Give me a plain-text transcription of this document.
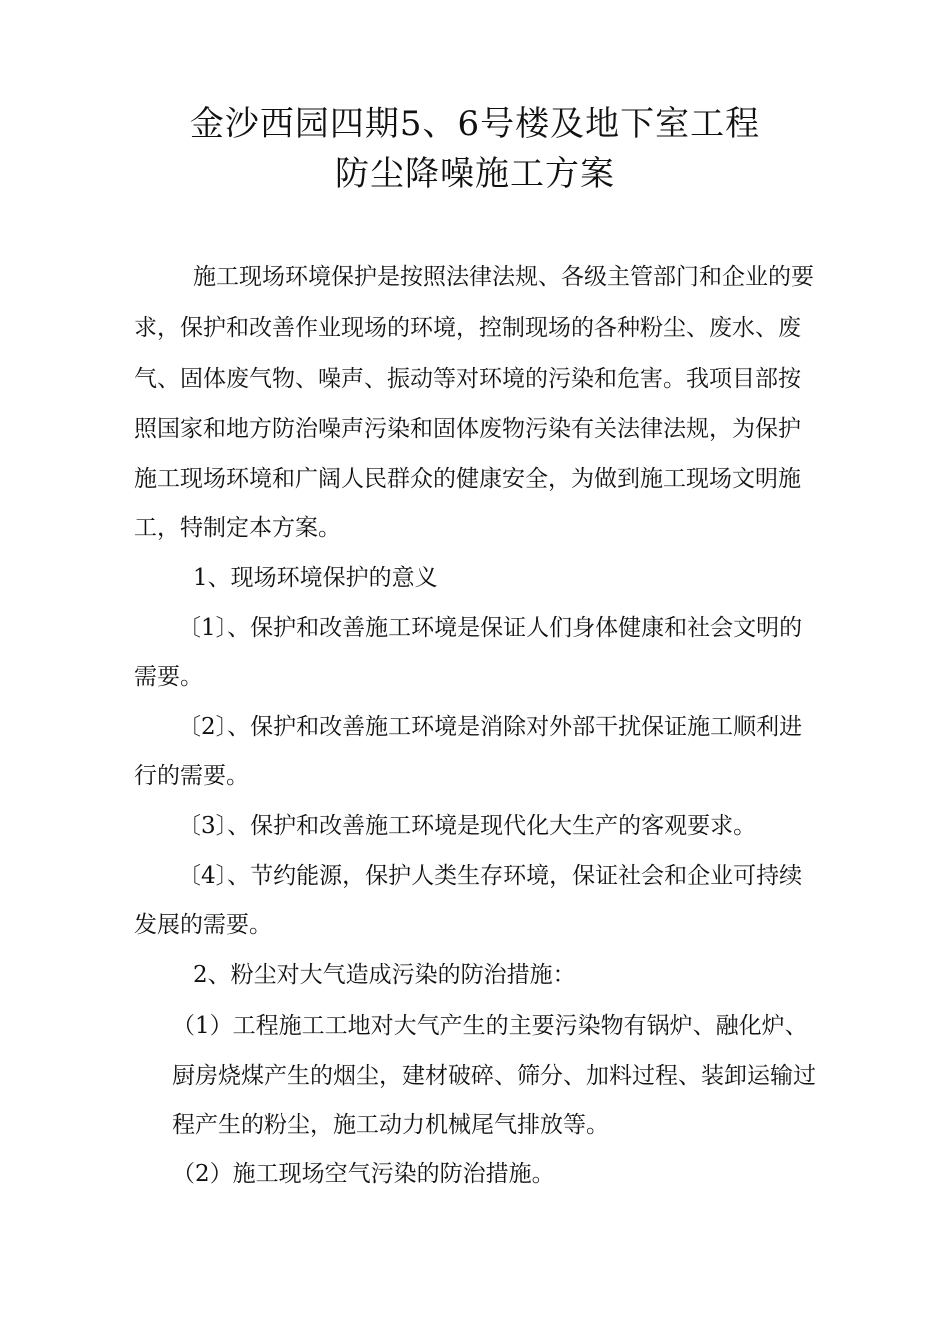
金沙西园四期5、6号楼及地下室工程
防尘降噪施工方案
施工现场环境保护是按照法律法规、各级主管部门和企业的要
求，保护和改善作业现场的环境，控制现场的各种粉尘、废水、废
气、固体废气物、噪声、振动等对环境的污染和危害。我项目部按
照国家和地方防治噪声污染和固体废物污染有关法律法规，为保护
施工现场环境和广阔人民群众的健康安全，为做到施工现场文明施
工，特制定本方案。
1、现场环境保护的意义
〔1〕、保护和改善施工环境是保证人们身体健康和社会文明的
需要。
〔2〕、保护和改善施工环境是消除对外部干扰保证施工顺利进
行的需要。
〔3〕、保护和改善施工环境是现代化大生产的客观要求。
〔4〕、节约能源，保护人类生存环境，保证社会和企业可持续
发展的需要。
2、粉尘对大气造成污染的防治措施：
（1）工程施工工地对大气产生的主要污染物有锅炉、融化炉、
厨房烧煤产生的烟尘，建材破碎、筛分、加料过程、装卸运输过
程产生的粉尘，施工动力机械尾气排放等。
（2）施工现场空气污染的防治措施。
